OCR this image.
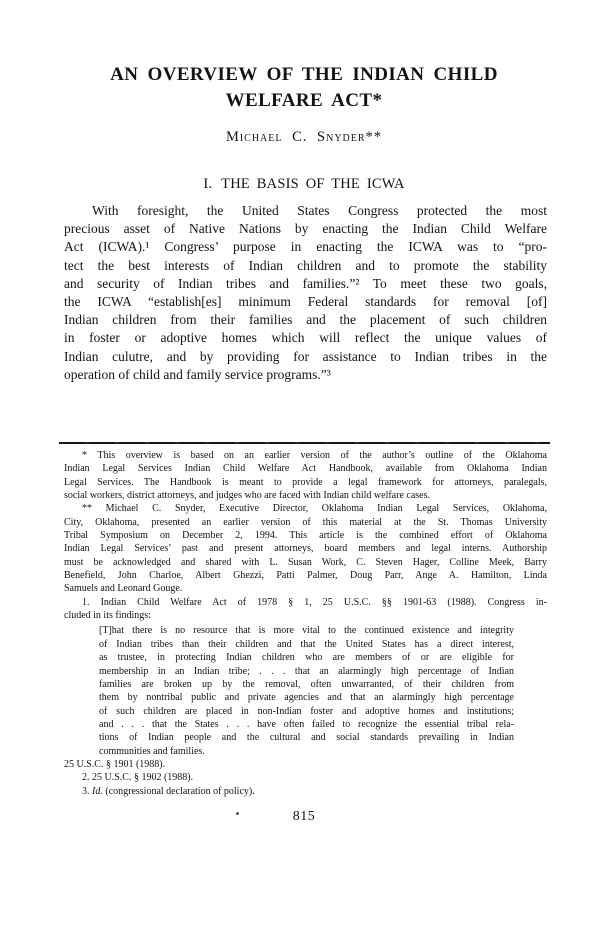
AN OVERVIEW OF THE INDIAN CHILD
WELFARE ACT*
Michael C. Snyder**
I. THE BASIS OF THE ICWA
With foresight, the United States Congress protected the most
precious asset of Native Nations by enacting the Indian Child Welfare
Act (ICWA).¹ Congress’ purpose in enacting the ICWA was to “pro-
tect the best interests of Indian children and to promote the stability
and security of Indian tribes and families.”² To meet these two goals,
the ICWA “establish[es] minimum Federal standards for removal [of]
Indian children from their families and the placement of such children
in foster or adoptive homes which will reflect the unique values of
Indian culutre, and by providing for assistance to Indian tribes in the
operation of child and family service programs.”³
* This overview is based on an earlier version of the author’s outline of the Oklahoma
Indian Legal Services Indian Child Welfare Act Handbook, available from Oklahoma Indian
Legal Services. The Handbook is meant to provide a legal framework for attorneys, paralegals,
social workers, district attorneys, and judges who are faced with Indian child welfare cases.
** Michael C. Snyder, Executive Director, Oklahoma Indian Legal Services, Oklahoma,
City, Oklahoma, presented an earlier version of this material at the St. Thomas University
Tribal Symposium on December 2, 1994. This article is the combined effort of Oklahoma
Indian Legal Services’ past and present attorneys, board members and legal interns. Authorship
must be acknowledged and shared with L. Susan Work, C. Steven Hager, Colline Meek, Barry
Benefield, John Charloe, Albert Ghezzi, Patti Palmer, Doug Parr, Ange A. Hamilton, Linda
Samuels and Leonard Gouge.
1. Indian Child Welfare Act of 1978 § 1, 25 U.S.C. §§ 1901-63 (1988). Congress in-
cluded in its findings:
[T]hat there is no resource that is more vital to the continued existence and integrity
of Indian tribes than their children and that the United States has a direct interest,
as trustee, in protecting Indian children who are members of or are eligible for
membership in an Indian tribe; . . . that an alarmingly high percentage of Indian
families are broken up by the removal, often unwarranted, of their children from
them by nontribal public and private agencies and that an alarmingly high percentage
of such children are placed in non-Indian foster and adoptive homes and institutions;
and . . . that the States . . . have often failed to recognize the essential tribal rela-
tions of Indian people and the cultural and social standards prevailing in Indian
communities and families.
25 U.S.C. § 1901 (1988).
2. 25 U.S.C. § 1902 (1988).
3. Id. (congressional declaration of policy).
815
